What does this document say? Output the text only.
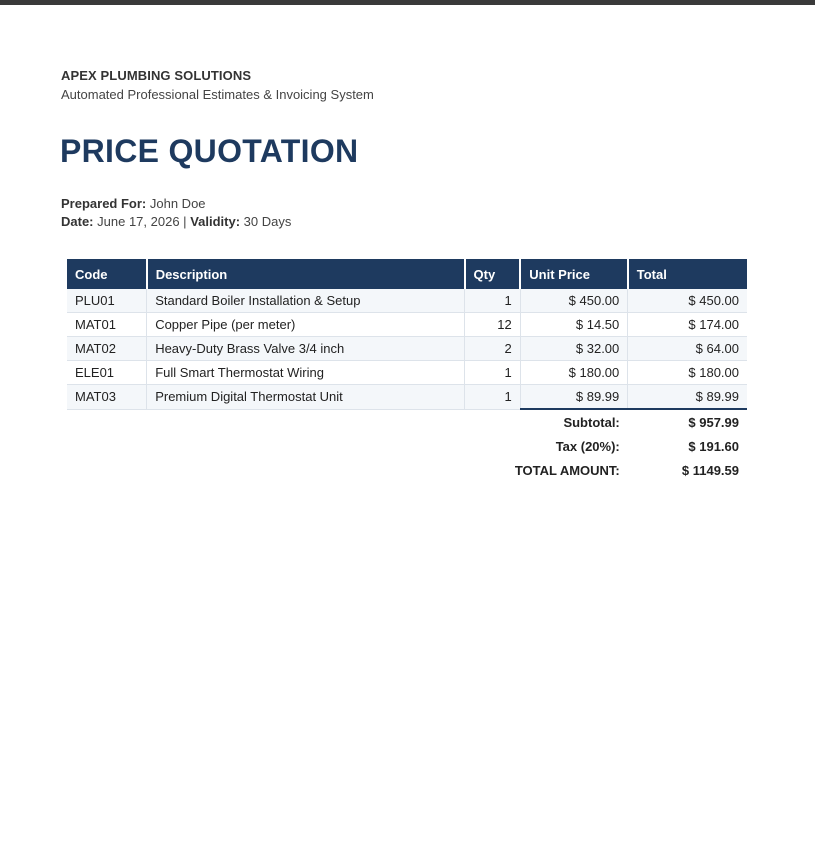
APEX PLUMBING SOLUTIONS
Automated Professional Estimates & Invoicing System
PRICE QUOTATION
Prepared For: John Doe
Date: June 17, 2026 | Validity: 30 Days
Code	Description	Qty	Unit Price	Total
PLU01	Standard Boiler Installation & Setup	1	$ 450.00	$ 450.00
MAT01	Copper Pipe (per meter)	12	$ 14.50	$ 174.00
MAT02	Heavy-Duty Brass Valve 3/4 inch	2	$ 32.00	$ 64.00
ELE01	Full Smart Thermostat Wiring	1	$ 180.00	$ 180.00
MAT03	Premium Digital Thermostat Unit	1	$ 89.99	$ 89.99
			Subtotal:	$ 957.99
			Tax (20%):	$ 191.60
		TOTAL AMOUNT:		$ 1149.59
